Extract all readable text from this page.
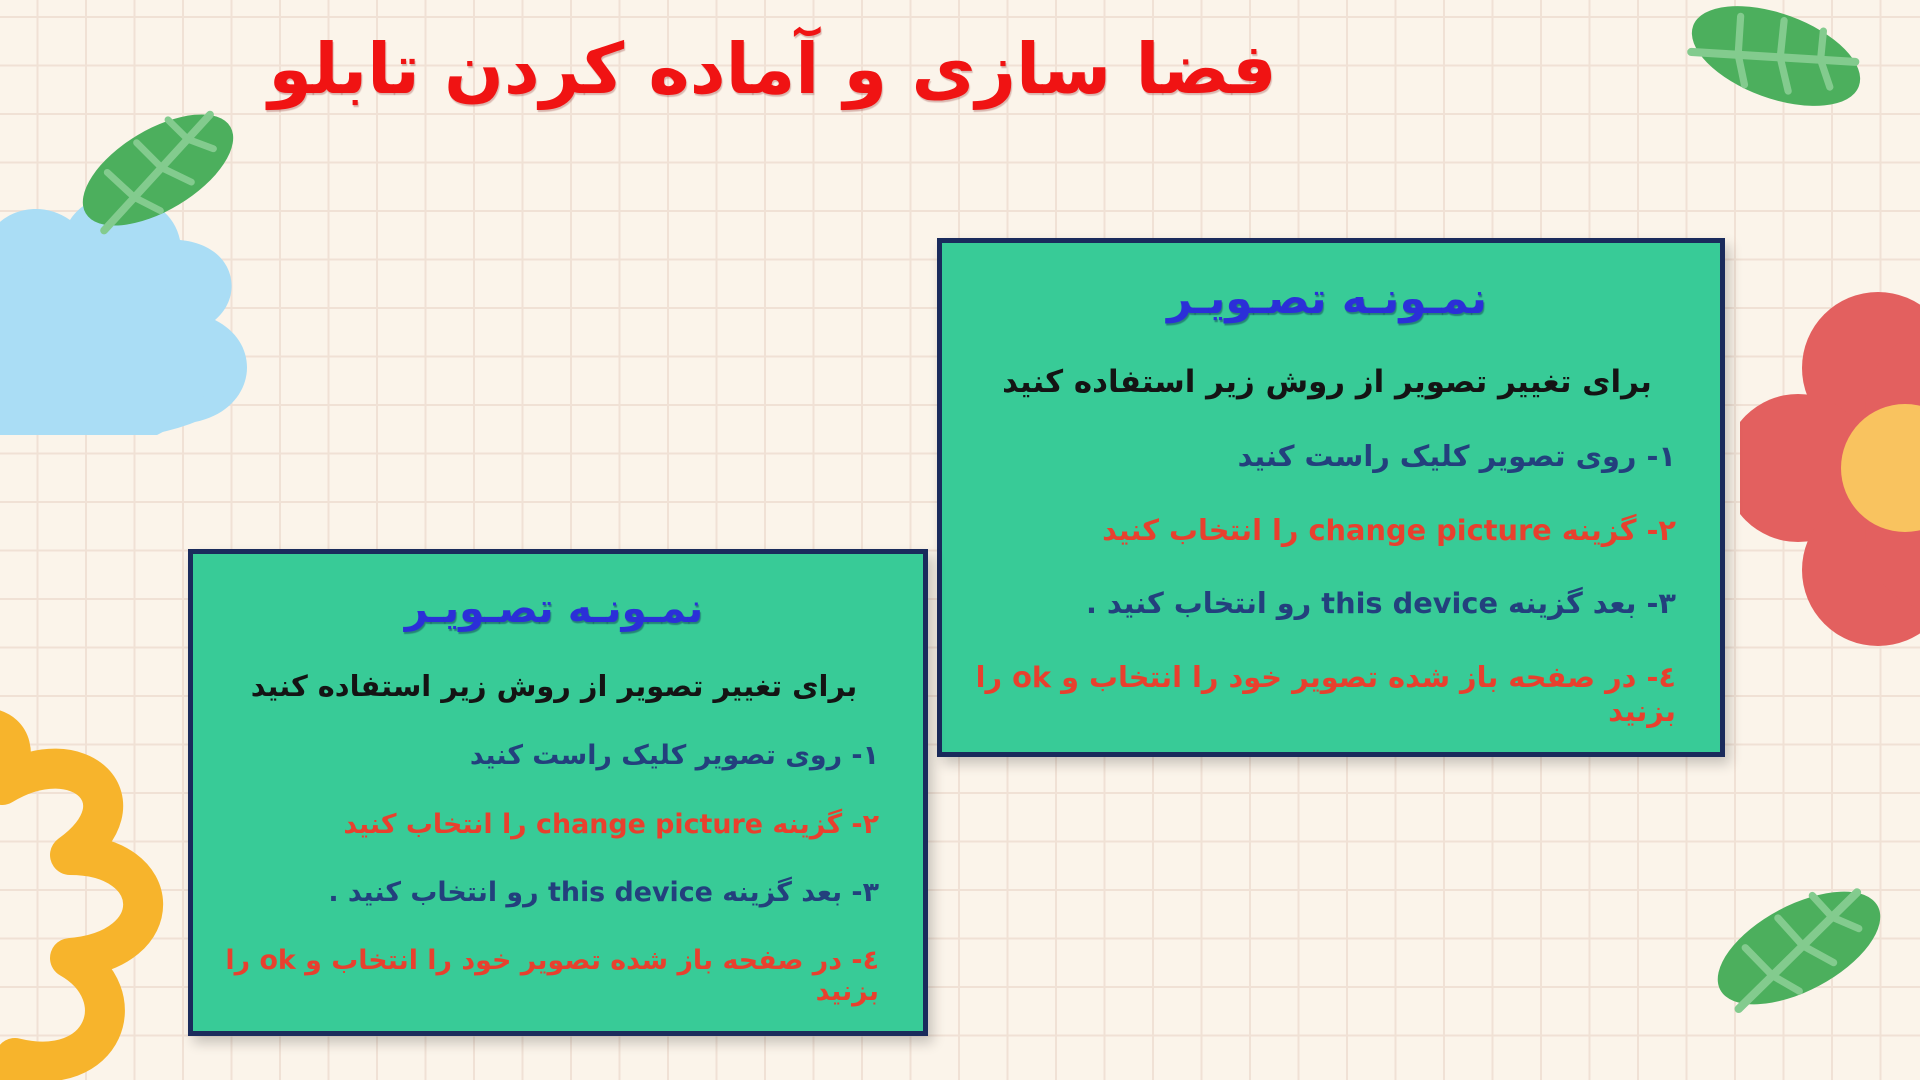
فضا سازی و آماده کردن تابلو
نمـونـه تصـویـر
برای تغییر تصویر از روش زیر استفاده کنید
۱- روی تصویر کلیک راست کنید
۲- گزینه change picture را انتخاب کنید
۳- بعد گزینه this device رو انتخاب کنید .
٤- در صفحه باز شده تصویر خود را انتخاب و ok را بزنید
نمـونـه تصـویـر
برای تغییر تصویر از روش زیر استفاده کنید
۱- روی تصویر کلیک راست کنید
۲- گزینه change picture را انتخاب کنید
۳- بعد گزینه this device رو انتخاب کنید .
٤- در صفحه باز شده تصویر خود را انتخاب و ok را بزنید
